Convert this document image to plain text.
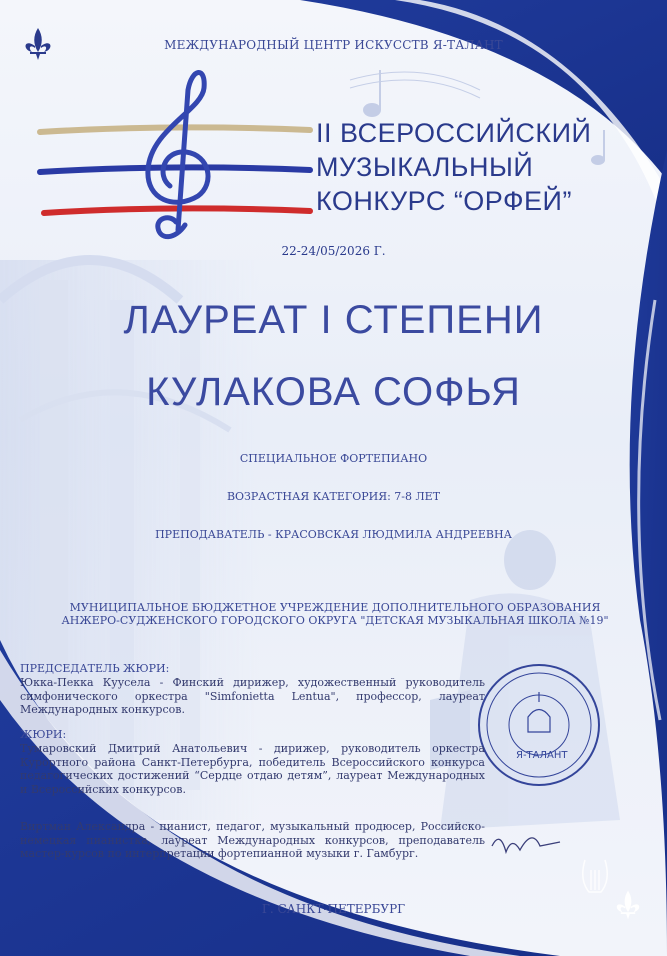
Я-ТАЛАНТ
МЕЖДУНАРОДНЫЙ ЦЕНТР ИСКУССТВ Я-ТАЛАНТ
II ВСЕРОССИЙСКИЙ
МУЗЫКАЛЬНЫЙ
КОНКУРС “ОРФЕЙ”
22-24/05/2026 Г.
ЛАУРЕАТ I СТЕПЕНИ
КУЛАКОВА СОФЬЯ
СПЕЦИАЛЬНОЕ ФОРТЕПИАНО
ВОЗРАСТНАЯ КАТЕГОРИЯ: 7-8 ЛЕТ
ПРЕПОДАВАТЕЛЬ - КРАСОВСКАЯ ЛЮДМИЛА АНДРЕЕВНА
МУНИЦИПАЛЬНОЕ БЮДЖЕТНОЕ УЧРЕЖДЕНИЕ ДОПОЛНИТЕЛЬНОГО ОБРАЗОВАНИЯ
АНЖЕРО-СУДЖЕНСКОГО ГОРОДСКОГО ОКРУГА "ДЕТСКАЯ МУЗЫКАЛЬНАЯ ШКОЛА №19"
ПРЕДСЕДАТЕЛЬ ЖЮРИ:
Юкка-Пекка Куусела - Финский дирижер, художественный руководитель симфонического оркестра "Simfonietta Lentua", профессор, лауреат Международных конкурсов.
ЖЮРИ:
Тумаровский Дмитрий Анатольевич - дирижер, руководитель оркестра Курортного района Санкт-Петербурга, победитель Всероссийского конкурса педагогических достижений “Сердце отдаю детям”, лауреат Международных и Всероссийских конкурсов.
Виртман Александра - пианист, педагог, музыкальный продюсер, Российско-немецкая пианистка, лауреат Международных конкурсов, преподаватель мастер-курсов по интерпретации фортепианной музыки г. Гамбург.
Г. САНКТ-ПЕТЕРБУРГ
